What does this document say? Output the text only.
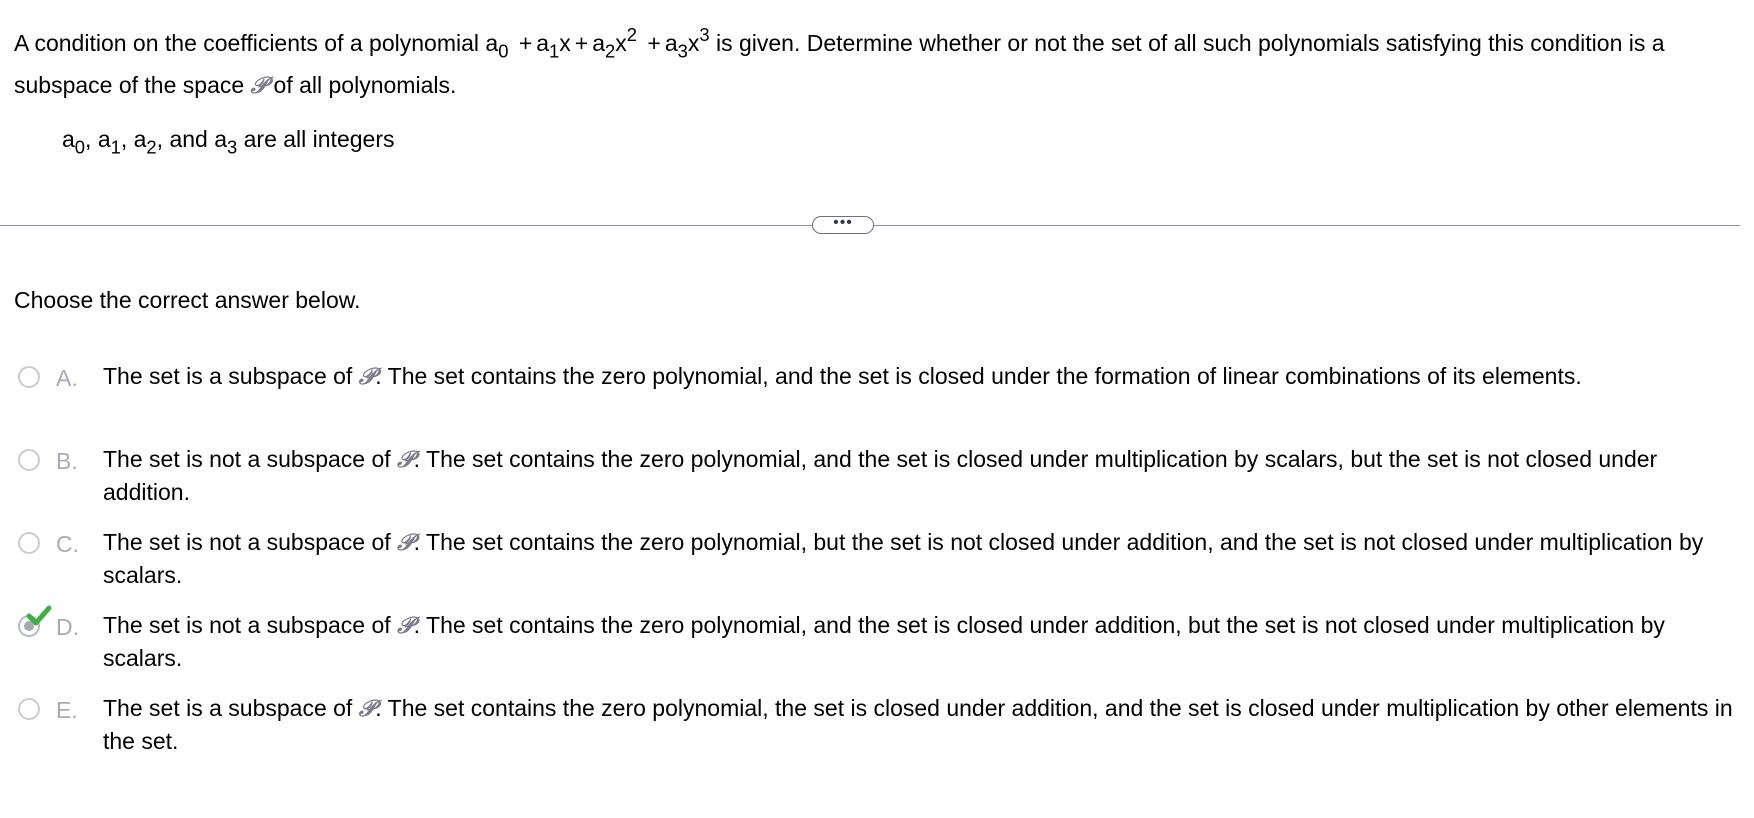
A condition on the coefficients of a polynomial $a_0 + a_1x + a_2x^2 + a_3x^3$ is given. Determine whether or not the set of all such polynomials satisfying this condition is a subspace of the space 𝒫 of all polynomials.
$a_0$, $a_1$, $a_2$, and $a_3$ are all integers
•••
Choose the correct answer below.
A. The set is a subspace of 𝒫. The set contains the zero polynomial, and the set is closed under the formation of linear combinations of its elements.
B. The set is not a subspace of 𝒫. The set contains the zero polynomial, and the set is closed under multiplication by scalars, but the set is not closed under addition.
C. The set is not a subspace of 𝒫. The set contains the zero polynomial, but the set is not closed under addition, and the set is not closed under multiplication by scalars.
D. The set is not a subspace of 𝒫. The set contains the zero polynomial, and the set is closed under addition, but the set is not closed under multiplication by scalars.
E. The set is a subspace of 𝒫. The set contains the zero polynomial, the set is closed under addition, and the set is closed under multiplication by other elements in the set.
